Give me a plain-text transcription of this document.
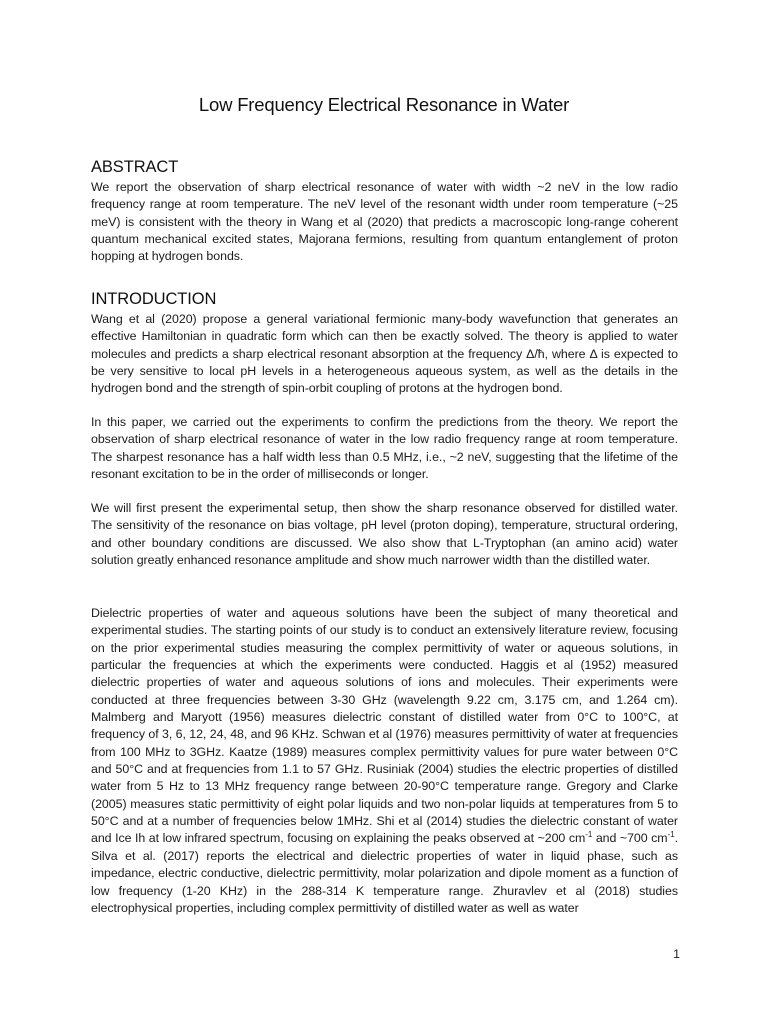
Low Frequency Electrical Resonance in Water
ABSTRACT

We report the observation of sharp electrical resonance of water with width ~2 neV in the low radio frequency range at room temperature. The neV level of the resonant width under room temperature (~25 meV) is consistent with the theory in Wang et al (2020) that predicts a macroscopic long-range coherent quantum mechanical excited states, Majorana fermions, resulting from quantum entanglement of proton hopping at hydrogen bonds.

INTRODUCTION

Wang et al (2020) propose a general variational fermionic many-body wavefunction that generates an effective Hamiltonian in quadratic form which can then be exactly solved. The theory is applied to water molecules and predicts a sharp electrical resonant absorption at the frequency Δ/ħ, where Δ is expected to be very sensitive to local pH levels in a heterogeneous aqueous system, as well as the details in the hydrogen bond and the strength of spin-orbit coupling of protons at the hydrogen bond.

In this paper, we carried out the experiments to confirm the predictions from the theory. We report the observation of sharp electrical resonance of water in the low radio frequency range at room temperature. The sharpest resonance has a half width less than 0.5 MHz, i.e., ~2 neV, suggesting that the lifetime of the resonant excitation to be in the order of milliseconds or longer.

We will first present the experimental setup, then show the sharp resonance observed for distilled water. The sensitivity of the resonance on bias voltage, pH level (proton doping), temperature, structural ordering, and other boundary conditions are discussed. We also show that L-Tryptophan (an amino acid) water solution greatly enhanced resonance amplitude and show much narrower width than the distilled water.

Dielectric properties of water and aqueous solutions have been the subject of many theoretical and experimental studies. The starting points of our study is to conduct an extensively literature review, focusing on the prior experimental studies measuring the complex permittivity of water or aqueous solutions, in particular the frequencies at which the experiments were conducted. Haggis et al (1952) measured dielectric properties of water and aqueous solutions of ions and molecules. Their experiments were conducted at three frequencies between 3-30 GHz (wavelength 9.22 cm, 3.175 cm, and 1.264 cm). Malmberg and Maryott (1956) measures dielectric constant of distilled water from 0°C to 100°C, at frequency of 3, 6, 12, 24, 48, and 96 KHz. Schwan et al (1976) measures permittivity of water at frequencies from 100 MHz to 3GHz. Kaatze (1989) measures complex permittivity values for pure water between 0°C and 50°C and at frequencies from 1.1 to 57 GHz. Rusiniak (2004) studies the electric properties of distilled water from 5 Hz to 13 MHz frequency range between 20-90°C temperature range. Gregory and Clarke (2005) measures static permittivity of eight polar liquids and two non-polar liquids at temperatures from 5 to 50°C and at a number of frequencies below 1MHz. Shi et al (2014) studies the dielectric constant of water and Ice Ih at low infrared spectrum, focusing on explaining the peaks observed at ~200 $cm^{-1}$ and ~700 $cm^{-1}$. Silva et al. (2017) reports the electrical and dielectric properties of water in liquid phase, such as impedance, electric conductive, dielectric permittivity, molar polarization and dipole moment as a function of low frequency (1-20 KHz) in the 288-314 K temperature range. Zhuravlev et al (2018) studies electrophysical properties, including complex permittivity of distilled water as well as water

1
